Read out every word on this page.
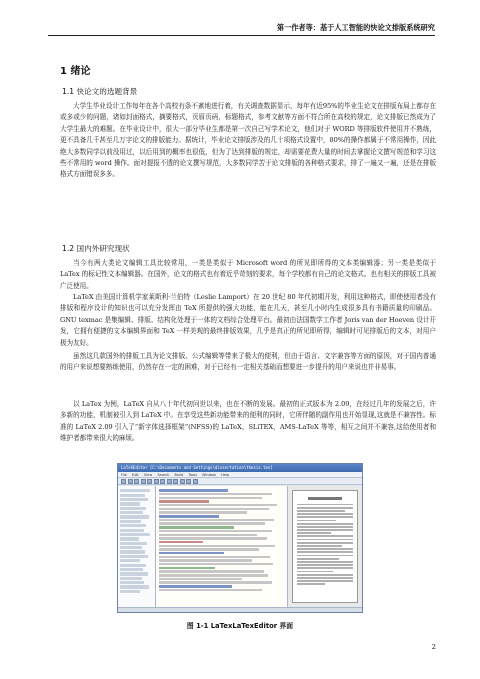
第一作者等：基于人工智能的快论文排版系统研究
1 绪论
1.1 快论文的选题背景

大学生毕业设计工作每年在各个高校有条不紊地进行着，有关调查数据显示，每年有近95%的毕业生论文在排版布局上都存在或多或少的问题，诸如封面格式，摘要格式，页眉页码，标题格式，参考文献等方面不符合所在高校的规定，论文排版已然成为了大学生最大的难题。在毕业设计中，很大一部分毕业生都是第一次自己写学术论文，他们对于 WORD 等排版软件使用并不熟练，更不具备几千甚至几万字论文的排版能力。据统计，毕业论文排版涉及的几十项格式设置中，80%的操作都属于不常用操作，因此绝大多数同学以前没用过，以后用到的概率也很低，但为了达到排版的规定，却需要花费大量的时间去掌握论文撰写规范和学习这些不常用的 word 操作。面对提报不透的论文撰写规范，大多数同学苦于论文排版的各种格式要求，排了一遍又一遍，还是在排版格式方面错误多多。

1.2 国内外研究现状

当今有两大类论文编辑工具比较常用，一类是类似于 Microsoft word 的所见即所得的文本类编辑器；另一类是类似于 LaTex 的标记性文本编辑器。在国外，论文的格式也有着近乎苛刻的要求，每个学校都有自己的论文格式。也有相关的排版工具被广泛使用。

LaTeX 由美国计算机学家莱斯利·兰伯特（Leslie Lamport）在 20 世纪 80 年代初期开发，利用这种格式，即使使用者没有排版和程序设计的知识也可以充分发挥由 TeX 所提供的强大功能，能在几天，甚至几小时内生成很多具有书籍质量的印刷品。GNU texmac 是集编辑、排版、结构化处理于一体的文档综合处理平台。最初由法国数学工作者 Joris van der Hoeven 设计开发，它拥有便捷的文本编辑界面和 TeX 一样美观的最终排版效果，几乎是真正的所见即所得，编辑时可见排版后的文本，对用户极为友好。

虽然这几款国外的排版工具为论文排版、公式编辑等带来了极大的便利，但由于语言、文字兼容等方面的原因，对于国内普通的用户来说想要熟练使用，仍然存在一定的困难，对于已经有一定相关基础而想要进一步提升的用户来说也并非易事。

以 LaTex 为例，LaTeX 自从八十年代初问世以来，也在不断的发展。最初的正式版本为 2.09，在经过几年的发展之后，许多新的功能，机制被引入到 LaTeX 中。在享受这些新功能带来的便利的同时，它所伴随的副作用也开始显现,这就是不兼容性。标准的 LaTeX 2.09 引入了“新字体选择框架”(NFSS)的 LaTeX、SLiTEX，AMS-LaTeX 等等，相互之间并不兼容,这给使用者和维护者都带来很大的麻烦。

LaTeXEditor [C:\Documents and Settings\dissertation\thesis.tex]
File Edit View Search Build Tools Window Help
图 1-1 LaTexLaTexEditor 界面
2
